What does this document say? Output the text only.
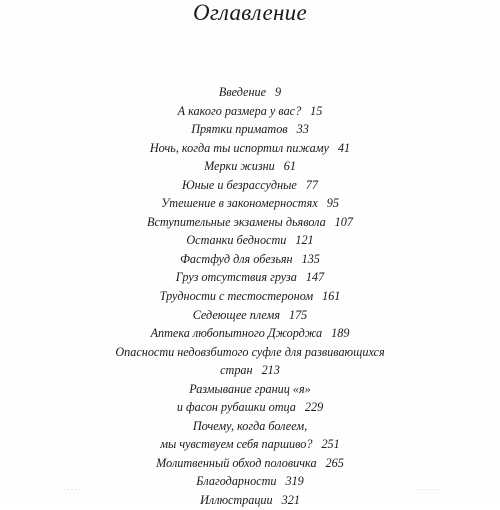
Оглавление
Введение 9
А какого размера у вас? 15
Прятки приматов 33
Ночь, когда ты испортил пижаму 41
Мерки жизни 61
Юные и безрассудные 77
Утешение в закономерностях 95
Вступительные экзамены дьявола 107
Останки бедности 121
Фастфуд для обезьян 135
Груз отсутствия груза 147
Трудности с тестостероном 161
Седеющее племя 175
Аптека любопытного Джорджа 189
Опасности недовзбитого суфле для развивающихся
стран 213
Размывание границ «я»
и фасон рубашки отца 229
Почему, когда болеем,
мы чувствуем себя паршиво? 251
Молитвенный обход половичка 265
Благодарности 319
Иллюстрации 321
· · · · · ·	· · · · · ·
